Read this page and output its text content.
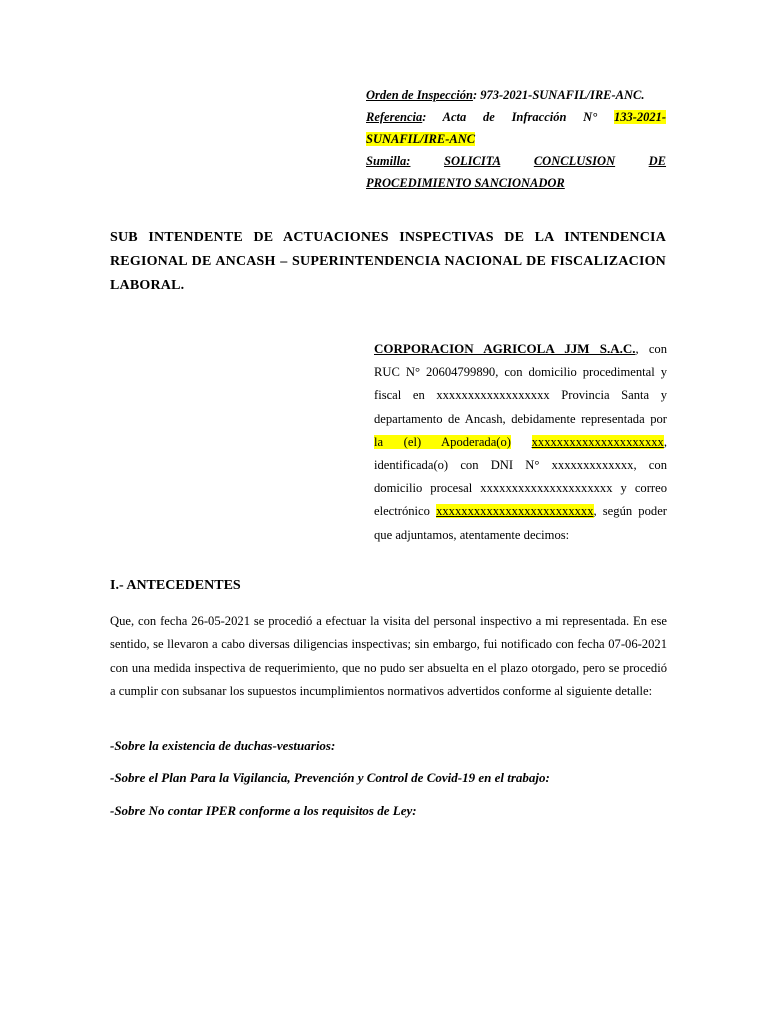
Orden de Inspección: 973-2021-SUNAFIL/IRE-ANC.
Referencia: Acta de Infracción N° 133-2021-
SUNAFIL/IRE-ANC
Sumilla:	SOLICITA	CONCLUSION	DE
PROCEDIMIENTO SANCIONADOR
SUB INTENDENTE DE ACTUACIONES INSPECTIVAS DE LA INTENDENCIA REGIONAL DE ANCASH – SUPERINTENDENCIA NACIONAL DE FISCALIZACION LABORAL.
CORPORACION AGRICOLA JJM S.A.C., con RUC N° 20604799890, con domicilio procedimental y fiscal en xxxxxxxxxxxxxxxxxx Provincia Santa y departamento de Ancash, debidamente representada por la (el) Apoderada(o) xxxxxxxxxxxxxxxxxxxxx, identificada(o) con DNI N° xxxxxxxxxxxxx, con domicilio procesal xxxxxxxxxxxxxxxxxxxxx y correo electrónico xxxxxxxxxxxxxxxxxxxxxxxxx, según poder que adjuntamos, atentamente decimos:
I.- ANTECEDENTES
Que, con fecha 26-05-2021 se procedió a efectuar la visita del personal inspectivo a mi representada. En ese sentido, se llevaron a cabo diversas diligencias inspectivas; sin embargo, fui notificado con fecha 07-06-2021 con una medida inspectiva de requerimiento, que no pudo ser absuelta en el plazo otorgado, pero se procedió a cumplir con subsanar los supuestos incumplimientos normativos advertidos conforme al siguiente detalle:
-Sobre la existencia de duchas-vestuarios:
-Sobre el Plan Para la Vigilancia, Prevención y Control de Covid-19 en el trabajo:
-Sobre No contar IPER conforme a los requisitos de Ley:
